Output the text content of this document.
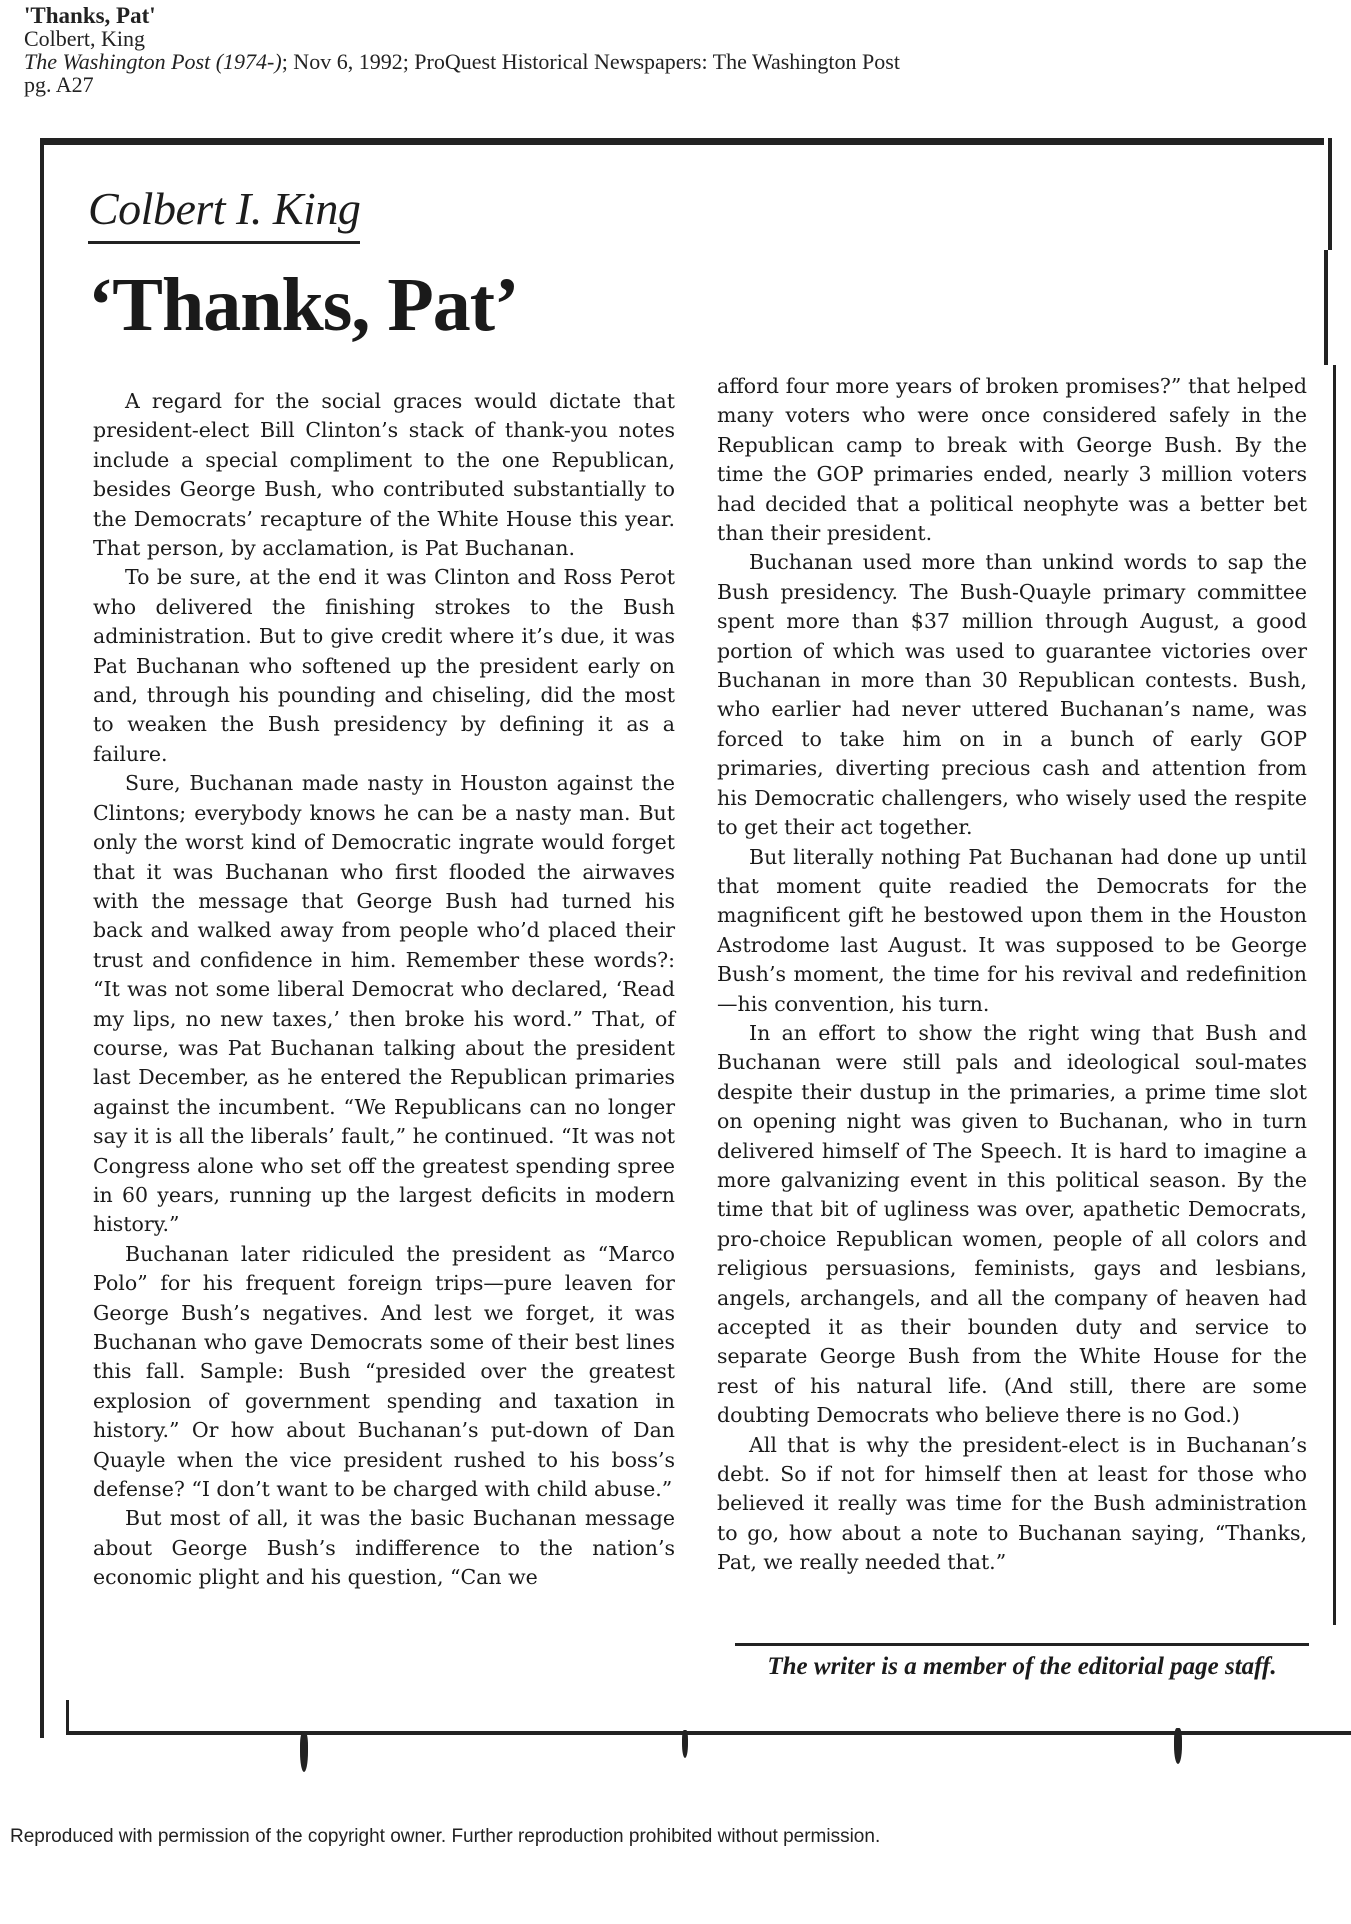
'Thanks, Pat'
Colbert, King
The Washington Post (1974-); Nov 6, 1992; ProQuest Historical Newspapers: The Washington Post
pg. A27
Colbert I. King
‘Thanks, Pat’

A regard for the social graces would dictate that president-elect Bill Clinton’s stack of thank-you notes include a special compliment to the one Republican, besides George Bush, who contributed substantially to the Democrats’ recapture of the White House this year. That person, by acclamation, is Pat Buchanan.

To be sure, at the end it was Clinton and Ross Perot who delivered the finishing strokes to the Bush administration. But to give credit where it’s due, it was Pat Buchanan who softened up the president early on and, through his pounding and chiseling, did the most to weaken the Bush presidency by defining it as a failure.

Sure, Buchanan made nasty in Houston against the Clintons; everybody knows he can be a nasty man. But only the worst kind of Democratic ingrate would forget that it was Buchanan who first flooded the airwaves with the message that George Bush had turned his back and walked away from people who’d placed their trust and confidence in him. Remember these words?: “It was not some liberal Democrat who declared, ‘Read my lips, no new taxes,’ then broke his word.” That, of course, was Pat Buchanan talking about the president last December, as he entered the Republican primaries against the incumbent. “We Republicans can no longer say it is all the liberals’ fault,” he continued. “It was not Congress alone who set off the greatest spending spree in 60 years, running up the largest deficits in modern history.”

Buchanan later ridiculed the president as “Marco Polo” for his frequent foreign trips—pure leaven for George Bush’s negatives. And lest we forget, it was Buchanan who gave Democrats some of their best lines this fall. Sample: Bush “presided over the greatest explosion of government spending and taxation in history.” Or how about Buchanan’s put-down of Dan Quayle when the vice president rushed to his boss’s defense? “I don’t want to be charged with child abuse.”

But most of all, it was the basic Buchanan message about George Bush’s indifference to the nation’s economic plight and his question, “Can we

afford four more years of broken promises?” that helped many voters who were once considered safely in the Republican camp to break with George Bush. By the time the GOP primaries ended, nearly 3 million voters had decided that a political neophyte was a better bet than their president.

Buchanan used more than unkind words to sap the Bush presidency. The Bush-Quayle primary committee spent more than $37 million through August, a good portion of which was used to guarantee victories over Buchanan in more than 30 Republican contests. Bush, who earlier had never uttered Buchanan’s name, was forced to take him on in a bunch of early GOP primaries, diverting precious cash and attention from his Democratic challengers, who wisely used the respite to get their act together.

But literally nothing Pat Buchanan had done up until that moment quite readied the Democrats for the magnificent gift he bestowed upon them in the Houston Astrodome last August. It was supposed to be George Bush’s moment, the time for his revival and redefinition—his convention, his turn.

In an effort to show the right wing that Bush and Buchanan were still pals and ideological soul-mates despite their dustup in the primaries, a prime time slot on opening night was given to Buchanan, who in turn delivered himself of The Speech. It is hard to imagine a more galvanizing event in this political season. By the time that bit of ugliness was over, apathetic Democrats, pro-choice Republican women, people of all colors and religious persuasions, feminists, gays and lesbians, angels, archangels, and all the company of heaven had accepted it as their bounden duty and service to separate George Bush from the White House for the rest of his natural life. (And still, there are some doubting Democrats who believe there is no God.)

All that is why the president-elect is in Buchanan’s debt. So if not for himself then at least for those who believed it really was time for the Bush administration to go, how about a note to Buchanan saying, “Thanks, Pat, we really needed that.”

The writer is a member of the editorial page staff.
Reproduced with permission of the copyright owner. Further reproduction prohibited without permission.
